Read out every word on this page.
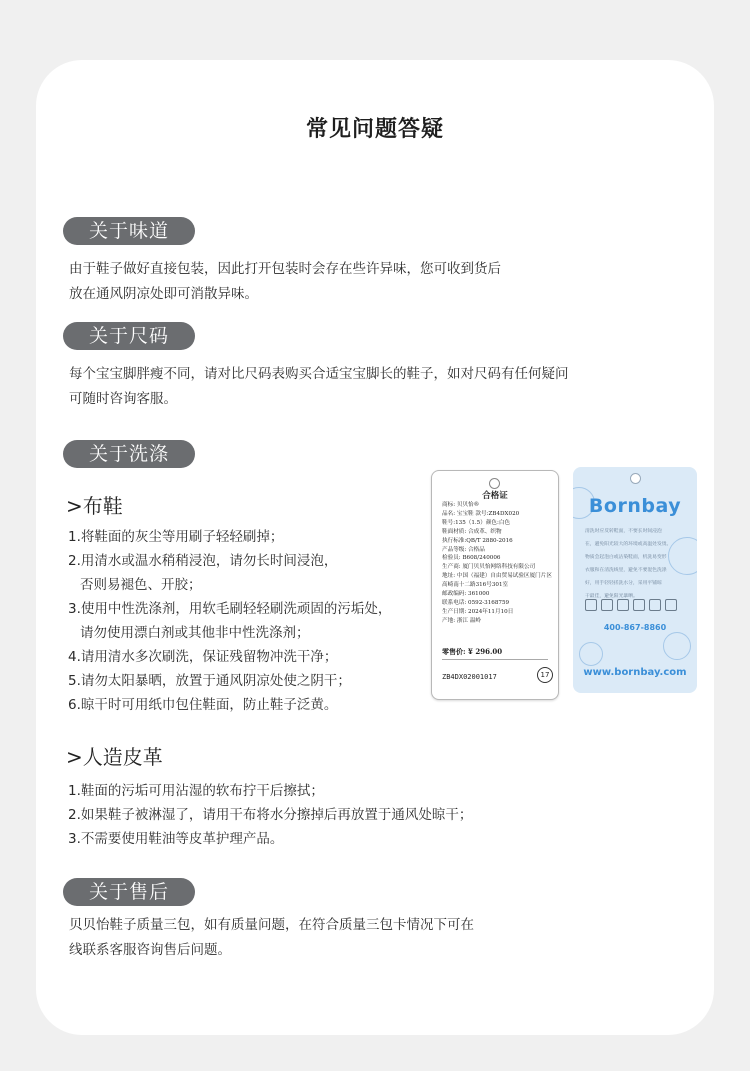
常见问题答疑
关于味道
由于鞋子做好直接包装，因此打开包装时会存在些许异味，您可收到货后
放在通风阴凉处即可消散异味。
关于尺码
每个宝宝脚胖瘦不同，请对比尺码表购买合适宝宝脚长的鞋子，如对尺码有任何疑问
可随时咨询客服。
关于洗涤
>布鞋
1.将鞋面的灰尘等用刷子轻轻刷掉；
2.用清水或温水稍稍浸泡，请勿长时间浸泡，
否则易褪色、开胶；
3.使用中性洗涤剂，用软毛刷轻轻刷洗顽固的污垢处，
请勿使用漂白剂或其他非中性洗涤剂；
4.请用清水多次刷洗，保证残留物冲洗干净；
5.请勿太阳暴晒，放置于通风阴凉处使之阴干；
6.晾干时可用纸巾包住鞋面，防止鞋子泛黄。
>人造皮革
1.鞋面的污垢可用沾湿的软布拧干后擦拭；
2.如果鞋子被淋湿了，请用干布将水分擦掉后再放置于通风处晾干；
3.不需要使用鞋油等皮革护理产品。
关于售后
贝贝怡鞋子质量三包，如有质量问题，在符合质量三包卡情况下可在
线联系客服咨询售后问题。
合格证
商标: 贝贝怡®
品名: 宝宝鞋 款号:ZB4DX020
鞋号:135（1.5）颜色:白色
鞋面材质: 合成革、织物
执行标准:QB/T 2880-2016
产品等级: 合格品
检验员: B608/240006
生产商: 厦门贝贝怡网络科技有限公司
地址: 中国（福建）自由贸易试验区厦门片区
高崎南十二路316号301室
邮政编码: 361000
联系电话: 0592-3168759
生产日期: 2024年11月10日
产地: 浙江 温岭
零售价: ¥ 296.00
ZB4DX02001017	17
Bornbay
清洗时应反转鞋面，不要长时间浸泡
在，避免阳光较大的环境或高温处发烫。
物质会起泡白或沾染鞋面，机洗易变形
衣服和在清洗线里，避免不要混色洗涤
好，用手轻轻搓洗水分，采用平铺晾
干最佳，避免阳光暴晒。
400-867-8860
www.bornbay.com
